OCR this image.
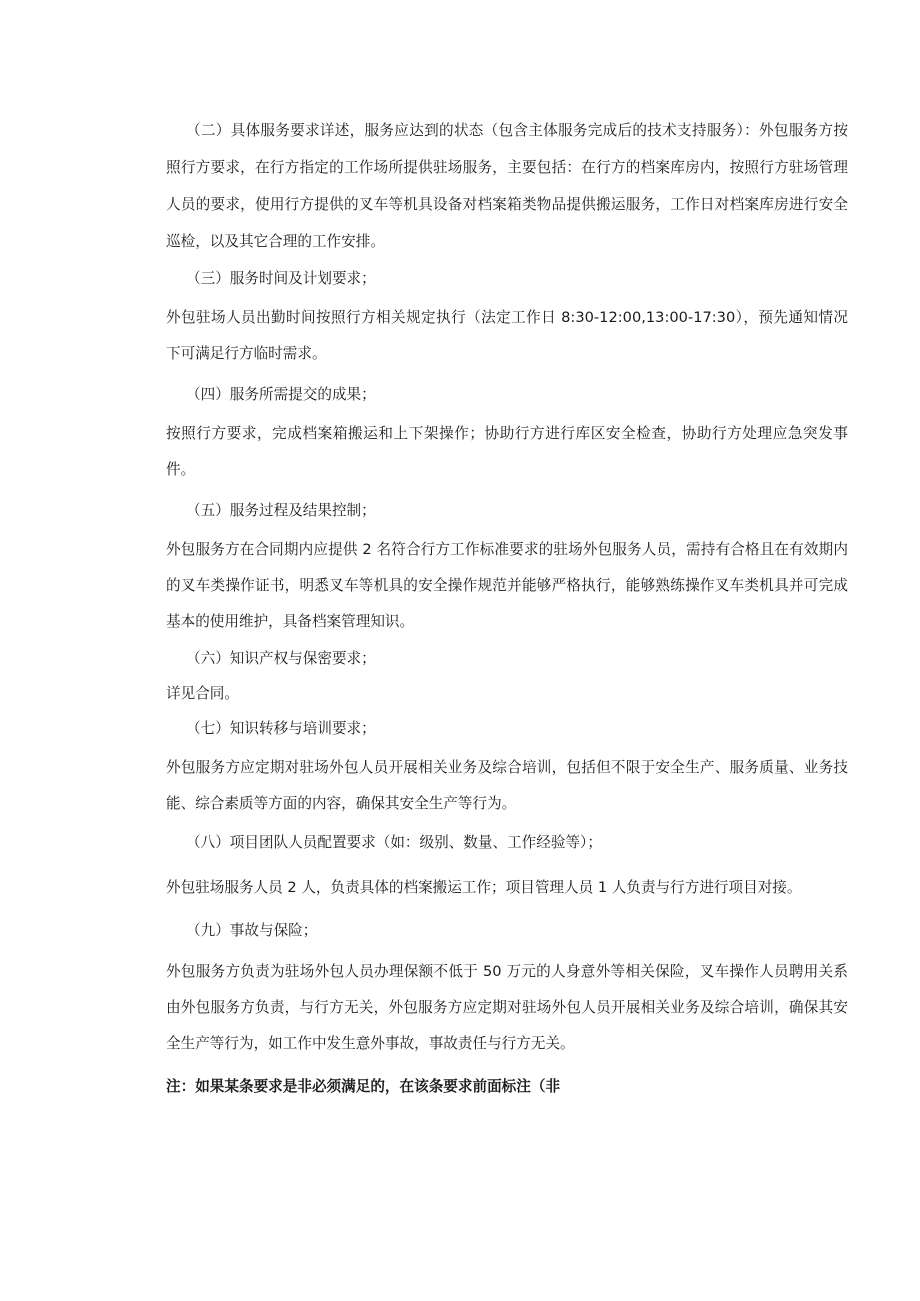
（二）具体服务要求详述，服务应达到的状态（包含主体服务完成后的技术支持服务）：外包服务方按照行方要求，在行方指定的工作场所提供驻场服务，主要包括：在行方的档案库房内，按照行方驻场管理人员的要求，使用行方提供的叉车等机具设备对档案箱类物品提供搬运服务，工作日对档案库房进行安全巡检，以及其它合理的工作安排。

（三）服务时间及计划要求；

外包驻场人员出勤时间按照行方相关规定执行（法定工作日 8:30-12:00,13:00-17:30），预先通知情况下可满足行方临时需求。

（四）服务所需提交的成果；

按照行方要求，完成档案箱搬运和上下架操作；协助行方进行库区安全检查，协助行方处理应急突发事件。

（五）服务过程及结果控制；

外包服务方在合同期内应提供 2 名符合行方工作标准要求的驻场外包服务人员，需持有合格且在有效期内的叉车类操作证书，明悉叉车等机具的安全操作规范并能够严格执行，能够熟练操作叉车类机具并可完成基本的使用维护，具备档案管理知识。

（六）知识产权与保密要求；

详见合同。

（七）知识转移与培训要求；

外包服务方应定期对驻场外包人员开展相关业务及综合培训，包括但不限于安全生产、服务质量、业务技能、综合素质等方面的内容，确保其安全生产等行为。

（八）项目团队人员配置要求（如：级别、数量、工作经验等）；

外包驻场服务人员 2 人，负责具体的档案搬运工作；项目管理人员 1 人负责与行方进行项目对接。

（九）事故与保险；

外包服务方负责为驻场外包人员办理保额不低于 50 万元的人身意外等相关保险，叉车操作人员聘用关系由外包服务方负责，与行方无关，外包服务方应定期对驻场外包人员开展相关业务及综合培训，确保其安全生产等行为，如工作中发生意外事故，事故责任与行方无关。

注：如果某条要求是非必须满足的，在该条要求前面标注（非
